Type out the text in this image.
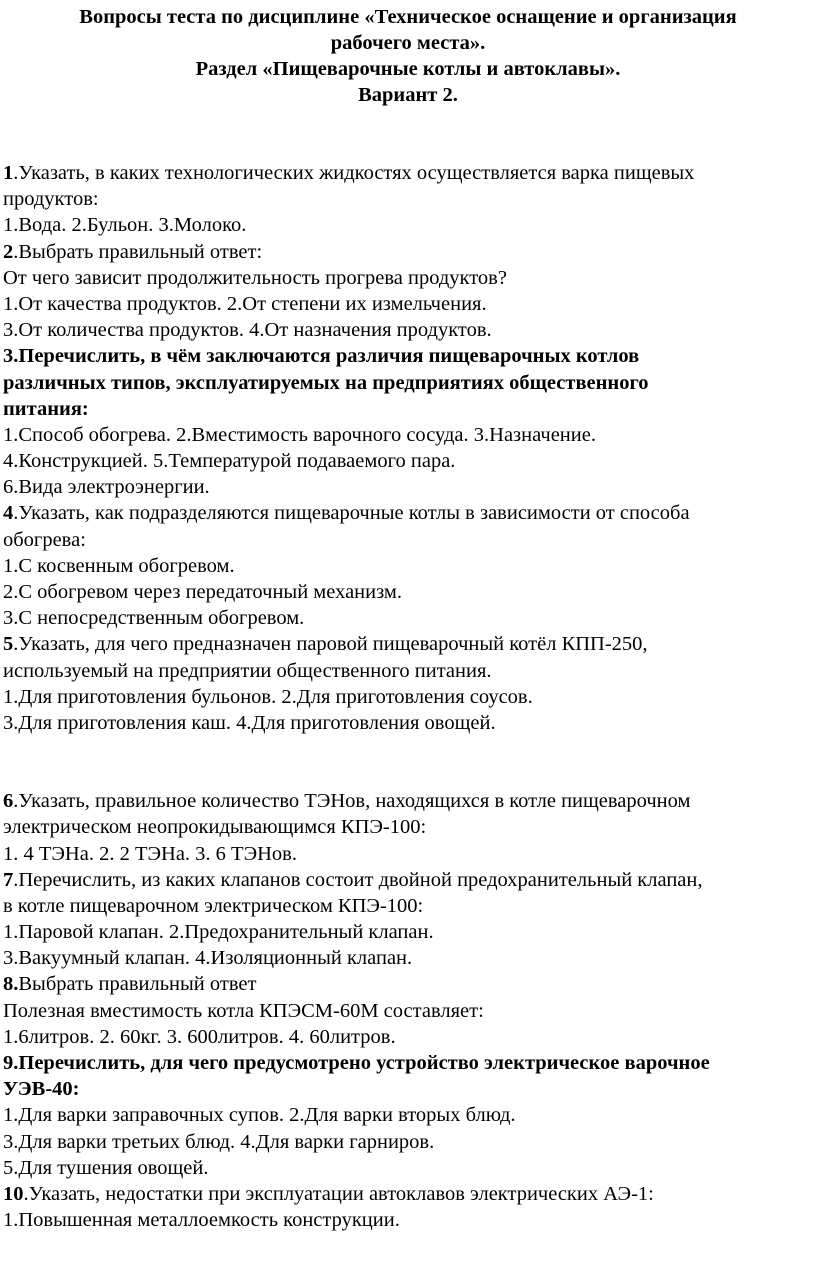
Вопросы теста по дисциплине «Техническое оснащение и организация
рабочего места».
Раздел «Пищеварочные котлы и автоклавы».
Вариант 2.
1.Указать, в каких технологических жидкостях осуществляется варка пищевых
продуктов:
1.Вода. 2.Бульон. 3.Молоко.
2.Выбрать правильный ответ:
От чего зависит продолжительность прогрева продуктов?
1.От качества продуктов. 2.От степени их измельчения.
3.От количества продуктов. 4.От назначения продуктов.
3.Перечислить, в чём заключаются различия пищеварочных котлов
различных типов, эксплуатируемых на предприятиях общественного
питания:
1.Способ обогрева. 2.Вместимость варочного сосуда. 3.Назначение.
4.Конструкцией. 5.Температурой подаваемого пара.
6.Вида электроэнергии.
4.Указать, как подразделяются пищеварочные котлы в зависимости от способа
обогрева:
1.С косвенным обогревом.
2.С обогревом через передаточный механизм.
3.С непосредственным обогревом.
5.Указать, для чего предназначен паровой пищеварочный котёл КПП-250,
используемый на предприятии общественного питания.
1.Для приготовления бульонов. 2.Для приготовления соусов.
3.Для приготовления каш. 4.Для приготовления овощей.
6.Указать, правильное количество ТЭНов, находящихся в котле пищеварочном
электрическом неопрокидывающимся КПЭ-100:
1. 4 ТЭНа. 2. 2 ТЭНа. 3. 6 ТЭНов.
7.Перечислить, из каких клапанов состоит двойной предохранительный клапан,
в котле пищеварочном электрическом КПЭ-100:
1.Паровой клапан. 2.Предохранительный клапан.
3.Вакуумный клапан. 4.Изоляционный клапан.
8.Выбрать правильный ответ
Полезная вместимость котла КПЭСМ-60М составляет:
1.6литров. 2. 60кг. 3. 600литров. 4. 60литров.
9.Перечислить, для чего предусмотрено устройство электрическое варочное
УЭВ-40:
1.Для варки заправочных супов. 2.Для варки вторых блюд.
3.Для варки третьих блюд. 4.Для варки гарниров.
5.Для тушения овощей.
10.Указать, недостатки при эксплуатации автоклавов электрических АЭ-1:
1.Повышенная металлоемкость конструкции.
